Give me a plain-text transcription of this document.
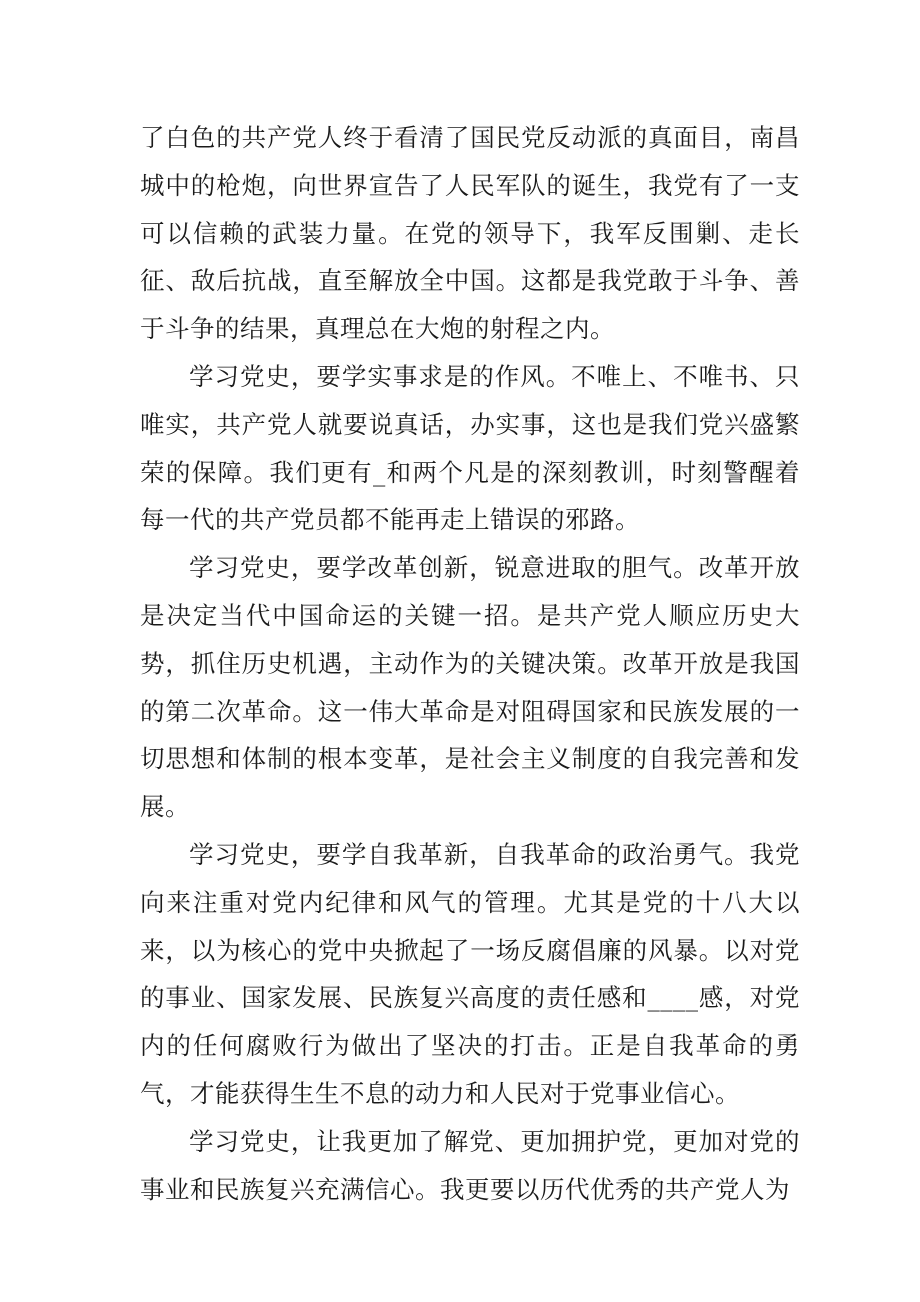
了白色的共产党人终于看清了国民党反动派的真面目，南昌城中的枪炮，向世界宣告了人民军队的诞生，我党有了一支可以信赖的武装力量。在党的领导下，我军反围剿、走长征、敌后抗战，直至解放全中国。这都是我党敢于斗争、善于斗争的结果，真理总在大炮的射程之内。

学习党史，要学实事求是的作风。不唯上、不唯书、只唯实，共产党人就要说真话，办实事，这也是我们党兴盛繁荣的保障。我们更有_和两个凡是的深刻教训，时刻警醒着每一代的共产党员都不能再走上错误的邪路。

学习党史，要学改革创新，锐意进取的胆气。改革开放是决定当代中国命运的关键一招。是共产党人顺应历史大势，抓住历史机遇，主动作为的关键决策。改革开放是我国的第二次革命。这一伟大革命是对阻碍国家和民族发展的一切思想和体制的根本变革，是社会主义制度的自我完善和发展。

学习党史，要学自我革新，自我革命的政治勇气。我党向来注重对党内纪律和风气的管理。尤其是党的十八大以来，以为核心的党中央掀起了一场反腐倡廉的风暴。以对党的事业、国家发展、民族复兴高度的责任感和____感，对党内的任何腐败行为做出了坚决的打击。正是自我革命的勇气，才能获得生生不息的动力和人民对于党事业信心。

学习党史，让我更加了解党、更加拥护党，更加对党的事业和民族复兴充满信心。我更要以历代优秀的共产党人为
